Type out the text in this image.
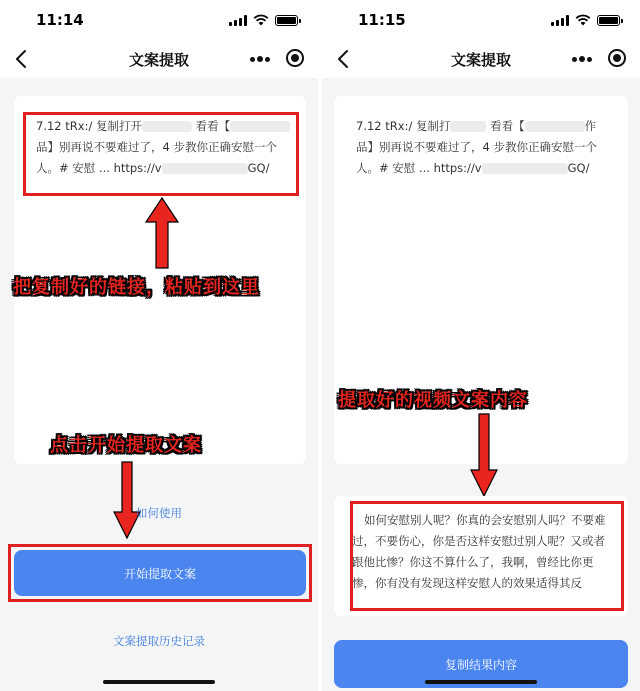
11:14
文案提取
7.12 tRx:/ 复制打开	看看【
品】别再说不要难过了，4 步教你正确安慰一个
人。# 安慰 ... https://v	GQ/
把复制好的链接，粘贴到这里
点击开始提取文案
如何使用
开始提取文案
文案提取历史记录
11:15
文案提取
7.12 tRx:/ 复制打	看看【	作
品】别再说不要难过了，4 步教你正确安慰一个
人。# 安慰 ... https://v	GQ/
提取好的视频文案内容
如何安慰别人呢？你真的会安慰别人吗？不要难过，不要伤心，你是否这样安慰过别人呢？又或者跟他比惨？你这不算什么了，我啊，曾经比你更惨，你有没有发现这样安慰人的效果适得其反
复制结果内容
